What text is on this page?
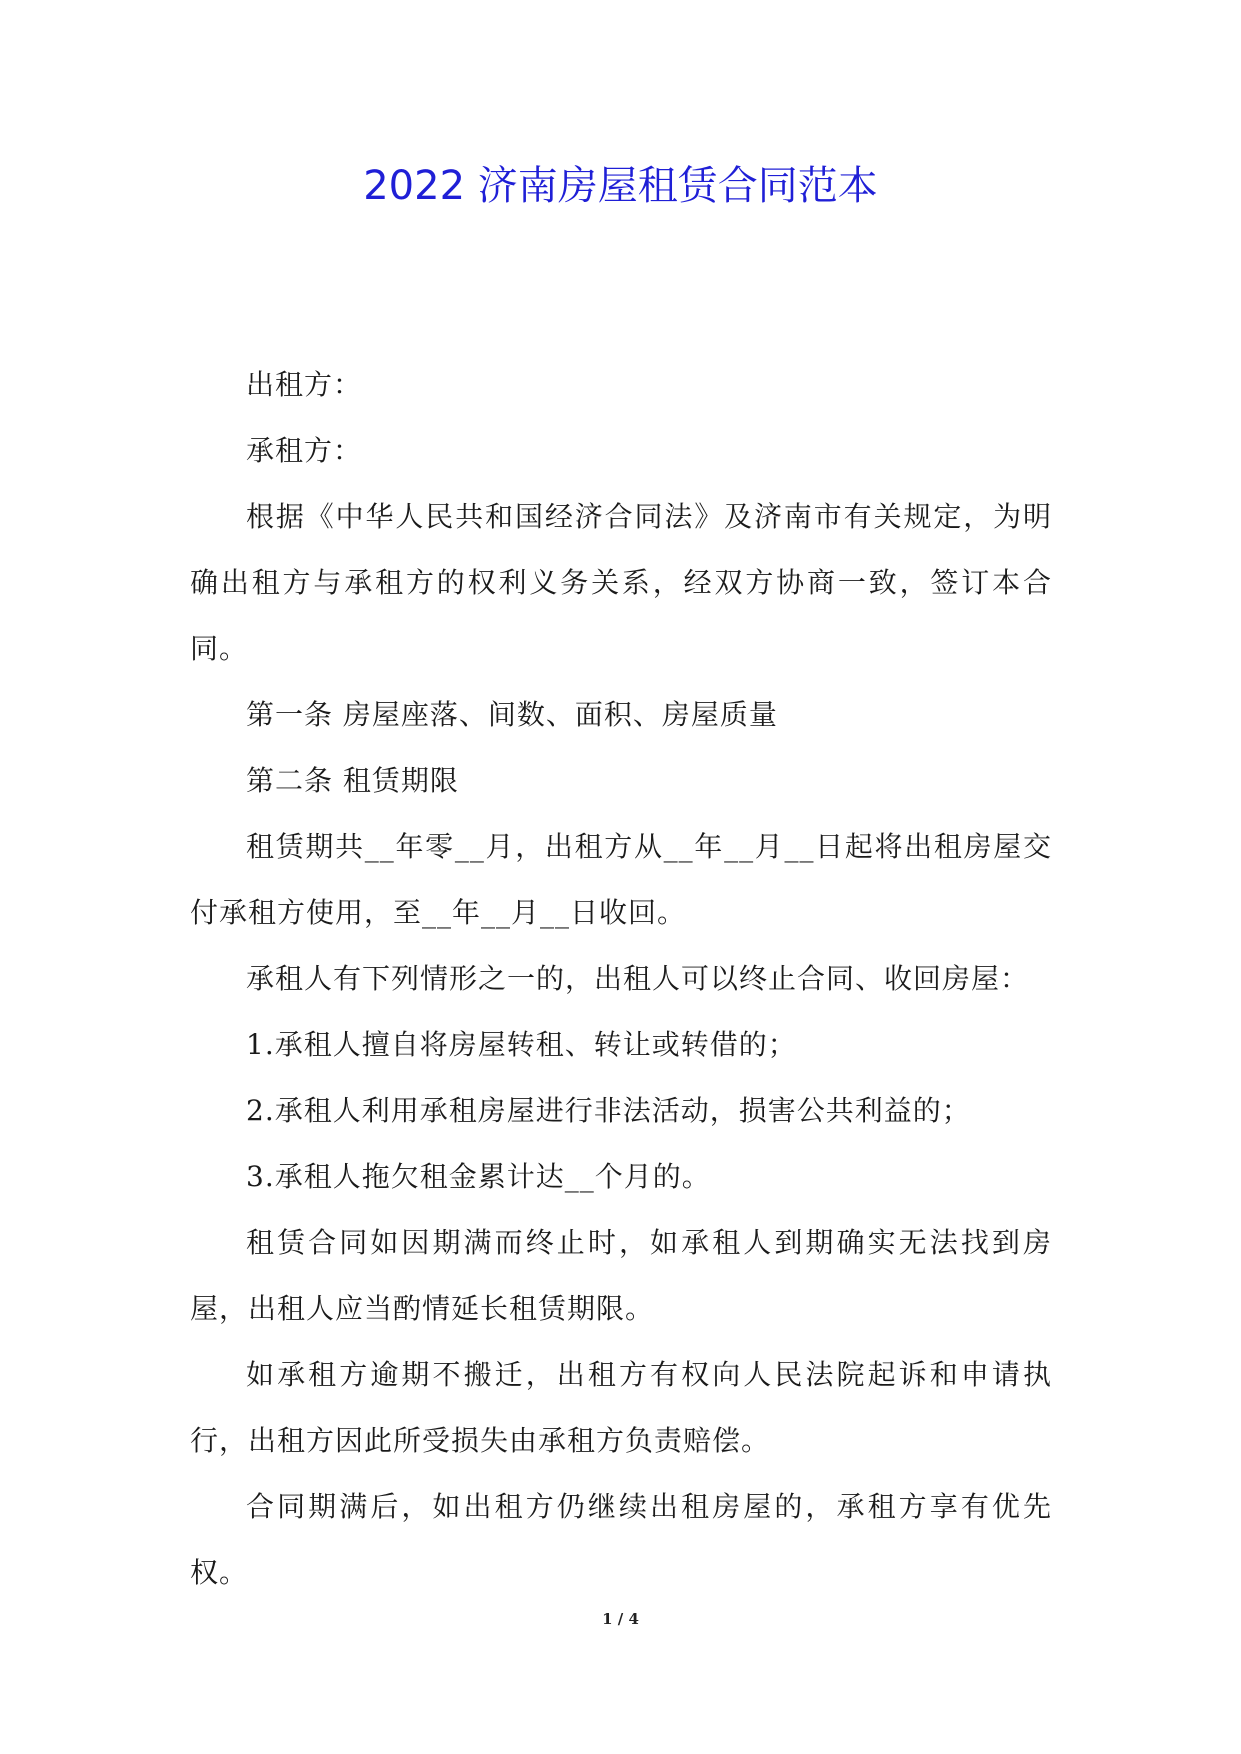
2022 济南房屋租赁合同范本

出租方：

承租方：

根据《中华人民共和国经济合同法》及济南市有关规定，为明确出租方与承租方的权利义务关系，经双方协商一致，签订本合同。

第一条 房屋座落、间数、面积、房屋质量

第二条 租赁期限

租赁期共__年零__月，出租方从__年__月__日起将出租房屋交付承租方使用，至__年__月__日收回。

承租人有下列情形之一的，出租人可以终止合同、收回房屋：

1.承租人擅自将房屋转租、转让或转借的；

2.承租人利用承租房屋进行非法活动，损害公共利益的；

3.承租人拖欠租金累计达__个月的。

租赁合同如因期满而终止时，如承租人到期确实无法找到房屋，出租人应当酌情延长租赁期限。

如承租方逾期不搬迁，出租方有权向人民法院起诉和申请执行，出租方因此所受损失由承租方负责赔偿。

合同期满后，如出租方仍继续出租房屋的，承租方享有优先权。

1 / 4
